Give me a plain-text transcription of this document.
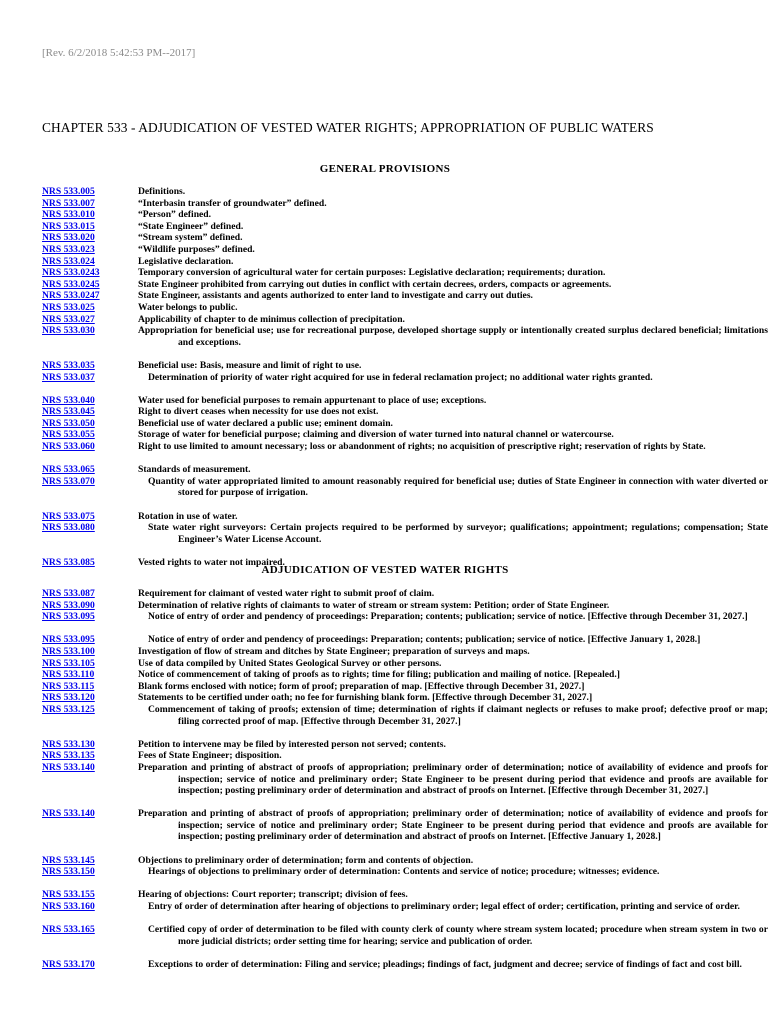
[Rev. 6/2/2018 5:42:53 PM--2017]
CHAPTER 533 - ADJUDICATION OF VESTED WATER RIGHTS; APPROPRIATION OF PUBLIC WATERS
GENERAL PROVISIONS
NRS 533.005	Definitions.
NRS 533.007	“Interbasin transfer of groundwater” defined.
NRS 533.010	“Person” defined.
NRS 533.015	“State Engineer” defined.
NRS 533.020	“Stream system” defined.
NRS 533.023	“Wildlife purposes” defined.
NRS 533.024	Legislative declaration.
NRS 533.0243	Temporary conversion of agricultural water for certain purposes: Legislative declaration; requirements; duration.
NRS 533.0245	State Engineer prohibited from carrying out duties in conflict with certain decrees, orders, compacts or agreements.
NRS 533.0247	State Engineer, assistants and agents authorized to enter land to investigate and carry out duties.
NRS 533.025	Water belongs to public.
NRS 533.027	Applicability of chapter to de minimus collection of precipitation.
NRS 533.030	Appropriation for beneficial use; use for recreational purpose, developed shortage supply or intentionally created surplus declared beneficial; limitations and exceptions.
NRS 533.035	Beneficial use: Basis, measure and limit of right to use.
NRS 533.037	Determination of priority of water right acquired for use in federal reclamation project; no additional water rights granted.
NRS 533.040	Water used for beneficial purposes to remain appurtenant to place of use; exceptions.
NRS 533.045	Right to divert ceases when necessity for use does not exist.
NRS 533.050	Beneficial use of water declared a public use; eminent domain.
NRS 533.055	Storage of water for beneficial purpose; claiming and diversion of water turned into natural channel or watercourse.
NRS 533.060	Right to use limited to amount necessary; loss or abandonment of rights; no acquisition of prescriptive right; reservation of rights by State.
NRS 533.065	Standards of measurement.
NRS 533.070	Quantity of water appropriated limited to amount reasonably required for beneficial use; duties of State Engineer in connection with water diverted or stored for purpose of irrigation.
NRS 533.075	Rotation in use of water.
NRS 533.080	State water right surveyors: Certain projects required to be performed by surveyor; qualifications; appointment; regulations; compensation; State Engineer’s Water License Account.
NRS 533.085	Vested rights to water not impaired.
ADJUDICATION OF VESTED WATER RIGHTS
NRS 533.087	Requirement for claimant of vested water right to submit proof of claim.
NRS 533.090	Determination of relative rights of claimants to water of stream or stream system: Petition; order of State Engineer.
NRS 533.095	Notice of entry of order and pendency of proceedings: Preparation; contents; publication; service of notice. [Effective through December 31, 2027.]
NRS 533.095	Notice of entry of order and pendency of proceedings: Preparation; contents; publication; service of notice. [Effective January 1, 2028.]
NRS 533.100	Investigation of flow of stream and ditches by State Engineer; preparation of surveys and maps.
NRS 533.105	Use of data compiled by United States Geological Survey or other persons.
NRS 533.110	Notice of commencement of taking of proofs as to rights; time for filing; publication and mailing of notice. [Repealed.]
NRS 533.115	Blank forms enclosed with notice; form of proof; preparation of map. [Effective through December 31, 2027.]
NRS 533.120	Statements to be certified under oath; no fee for furnishing blank form. [Effective through December 31, 2027.]
NRS 533.125	Commencement of taking of proofs; extension of time; determination of rights if claimant neglects or refuses to make proof; defective proof or map; filing corrected proof of map. [Effective through December 31, 2027.]
NRS 533.130	Petition to intervene may be filed by interested person not served; contents.
NRS 533.135	Fees of State Engineer; disposition.
NRS 533.140	Preparation and printing of abstract of proofs of appropriation; preliminary order of determination; notice of availability of evidence and proofs for inspection; service of notice and preliminary order; State Engineer to be present during period that evidence and proofs are available for inspection; posting preliminary order of determination and abstract of proofs on Internet. [Effective through December 31, 2027.]
NRS 533.140	Preparation and printing of abstract of proofs of appropriation; preliminary order of determination; notice of availability of evidence and proofs for inspection; service of notice and preliminary order; State Engineer to be present during period that evidence and proofs are available for inspection; posting preliminary order of determination and abstract of proofs on Internet. [Effective January 1, 2028.]
NRS 533.145	Objections to preliminary order of determination; form and contents of objection.
NRS 533.150	Hearings of objections to preliminary order of determination: Contents and service of notice; procedure; witnesses; evidence.
NRS 533.155	Hearing of objections: Court reporter; transcript; division of fees.
NRS 533.160	Entry of order of determination after hearing of objections to preliminary order; legal effect of order; certification, printing and service of order.
NRS 533.165	Certified copy of order of determination to be filed with county clerk of county where stream system located; procedure when stream system in two or more judicial districts; order setting time for hearing; service and publication of order.
NRS 533.170	Exceptions to order of determination: Filing and service; pleadings; findings of fact, judgment and decree; service of findings of fact and cost bill.
